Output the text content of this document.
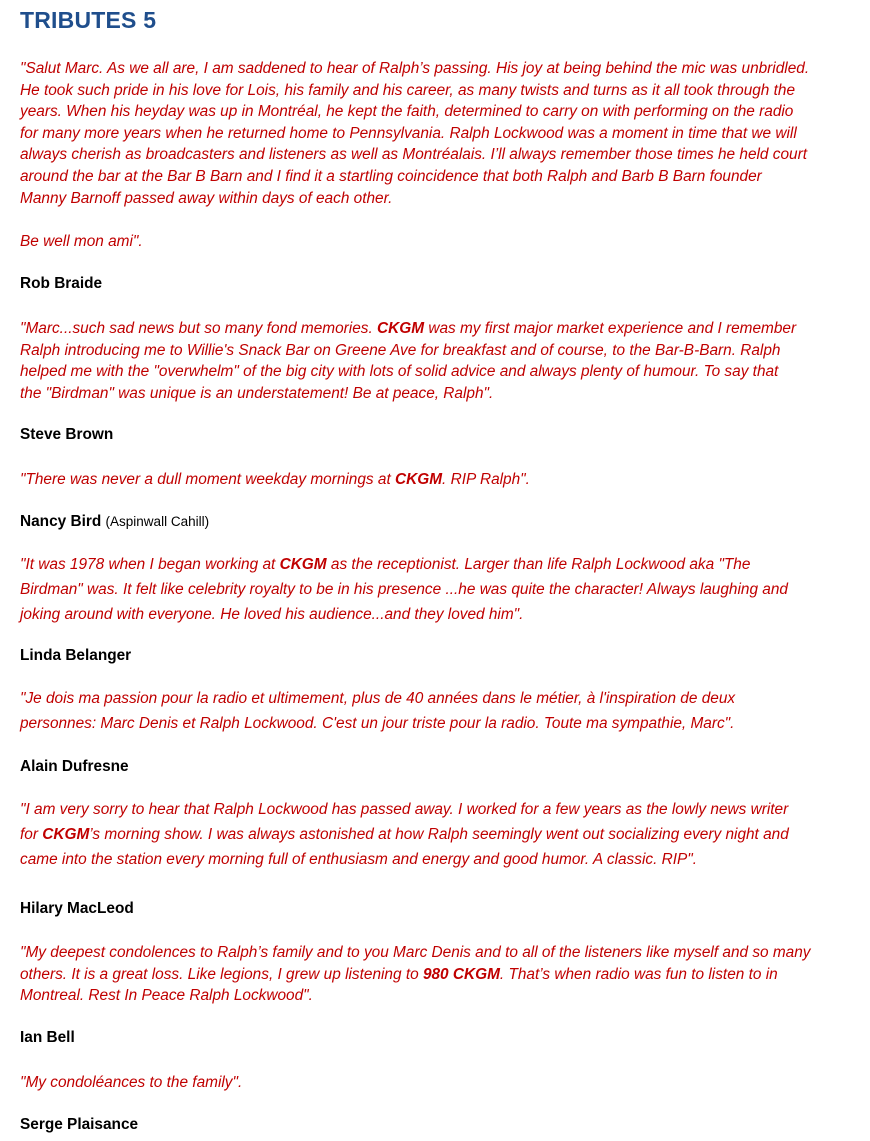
TRIBUTES 5
"Salut Marc. As we all are, I am saddened to hear of Ralph’s passing. His joy at being behind the mic was unbridled.
He took such pride in his love for Lois, his family and his career, as many twists and turns as it all took through the
years. When his heyday was up in Montréal, he kept the faith, determined to carry on with performing on the radio
for many more years when he returned home to Pennsylvania. Ralph Lockwood was a moment in time that we will
always cherish as broadcasters and listeners as well as Montréalais. I’ll always remember those times he held court
around the bar at the Bar B Barn and I find it a startling coincidence that both Ralph and Barb B Barn founder
Manny Barnoff passed away within days of each other.
Be well mon ami".
Rob Braide
"Marc...such sad news but so many fond memories. CKGM was my first major market experience and I remember
Ralph introducing me to Willie's Snack Bar on Greene Ave for breakfast and of course, to the Bar-B-Barn. Ralph
helped me with the "overwhelm" of the big city with lots of solid advice and always plenty of humour. To say that
the "Birdman" was unique is an understatement! Be at peace, Ralph".
Steve Brown
"There was never a dull moment weekday mornings at CKGM. RIP Ralph".
Nancy Bird (Aspinwall Cahill)
"It was 1978 when I began working at CKGM as the receptionist. Larger than life Ralph Lockwood aka "The
Birdman" was. It felt like celebrity royalty to be in his presence ...he was quite the character! Always laughing and
joking around with everyone. He loved his audience...and they loved him".
Linda Belanger
"Je dois ma passion pour la radio et ultimement, plus de 40 années dans le métier, à l'inspiration de deux
personnes: Marc Denis et Ralph Lockwood. C'est un jour triste pour la radio. Toute ma sympathie, Marc".
Alain Dufresne
"I am very sorry to hear that Ralph Lockwood has passed away. I worked for a few years as the lowly news writer
for CKGM’s morning show. I was always astonished at how Ralph seemingly went out socializing every night and
came into the station every morning full of enthusiasm and energy and good humor. A classic. RIP".
Hilary MacLeod
"My deepest condolences to Ralph’s family and to you Marc Denis and to all of the listeners like myself and so many
others. It is a great loss. Like legions, I grew up listening to 980 CKGM. That’s when radio was fun to listen to in
Montreal. Rest In Peace Ralph Lockwood".
Ian Bell
"My condoléances to the family".
Serge Plaisance
